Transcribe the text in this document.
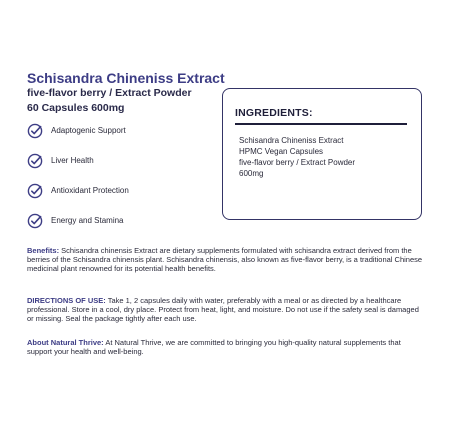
Schisandra Chineniss Extract
five-flavor berry / Extract Powder
60 Capsules 600mg
Adaptogenic Support
Liver Health
Antioxidant Protection
Energy and Stamina
INGREDIENTS:
Schisandra Chineniss Extract
HPMC Vegan Capsules
five-flavor berry / Extract Powder
600mg
Benefits: Schisandra chinensis Extract are dietary supplements formulated with schisandra extract derived from the berries of the Schisandra chinensis plant. Schisandra chinensis, also known as five-flavor berry, is a traditional Chinese medicinal plant renowned for its potential health benefits.
DIRECTIONS OF USE: Take 1, 2 capsules daily with water, preferably with a meal or as directed by a healthcare professional. Store in a cool, dry place. Protect from heat, light, and moisture. Do not use if the safety seal is damaged or missing. Seal the package tightly after each use.
About Natural Thrive: At Natural Thrive, we are committed to bringing you high-quality natural supplements that support your health and well-being.
